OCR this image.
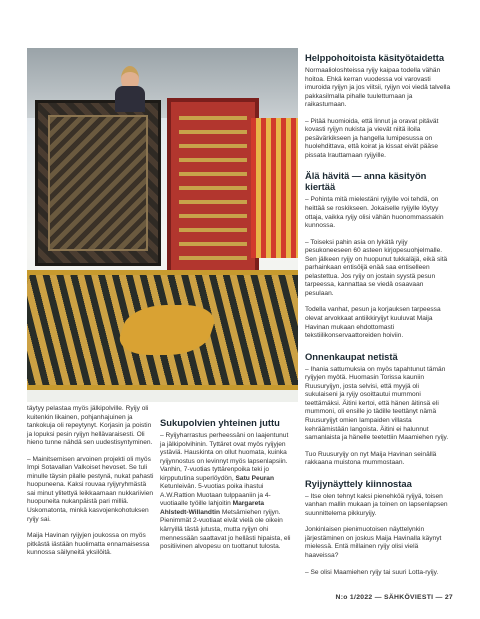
täytyy pelastaa myös jälkipolville. Ryijy oli kuitenkin likainen, pohjanhajuinen ja tankokuja oli repeytynyt. Korjasin ja poistin ja lopuksi pesin ryijyn hellävaraisesti. Oli hieno tunne nähdä sen uudestisyntyminen.

– Mainitsemisen arvoinen projekti oli myös Impi Sotavallan Valkoiset hevoset. Se tuli minulle täysin pilalle pestynä, nukat pahasti huopuneena. Kaksi rouvaa ryijyryhmästä sai minut ylitettyä leikkaamaan nukkariivien huopuneita nukanpäistä pari milliä. Uskomatonta, minkä kasvojenkohotuksen ryijy sai.

Maija Havinan ryijyjen joukossa on myös pitkästä iästään huolimatta ennamaisessa kunnossa säilyneitä yksilöitä.

Sukupolvien yhteinen juttu

– Ryijyharrastus perheessäni on laajentunut ja jälkipolvihinin. Tyttäret ovat myös ryijyjen ystäviä. Hauskinta on ollut huomata, kuinka ryijynnostus on levinnyt myös lapsenlapsiin. Vanhin, 7-vuotias tyttärenpoika teki jo kirppututina superlöydön, Satu Peuran Ketunleivän. 5-vuotias poika ihastui A.W.Rattion Muotaan tulppaaniin ja 4-vuotiaalle työille lahjoitin Margareta Ahlstedt-Willandtin Metsämiehen ryijyn. Pienimmät 2-vuotiaat eivät vielä ole oikein kärryillä tästä jutusta, mutta ryijyn ohi mennessään saattavat jo hellästi hipaista, eli positiivinen alvopesu on tuottanut tulosta.

Helppohoitoista käsityötaidetta

Normaalioloshteissa ryijy kaipaa todella vähän hoitoa. Ehkä kerran vuodessa voi varovasti imuroida ryijyn ja jos viitsii, ryijyn voi viedä talvella pakkasilmalla pihalle tuulettumaan ja raikastumaan.

– Pitää huomioida, että linnut ja oravat pitävät kovasti ryijyn nukista ja vievät niitä iloila pesävärkikseen ja hangella lumipesussa on huolehdittava, että koirat ja kissat eivät pääse pissata lrauttamaan ryijyille.

Älä hävitä — anna käsityön kiertää

– Pohinta mitä mielestäni ryijylle voi tehdä, on heittää se roskikseen. Jokaiselle ryijylle löytyy ottaja, vaikka ryijy olisi vähän huonommassakin kunnossa.

– Toiseksi pahin asia on lykätä ryijy pesukoneeseen 60 asteen kirjopesuohjelmalle. Sen jälkeen ryijy on huopunut tukkaläjä, eikä sitä parhainkaan entisöijä enää saa entiselleen pelastettua. Jos ryijy on jostain syystä pesun tarpeessa, kannattaa se viedä osaavaan pesulaan.

Todella vanhat, pesun ja korjauksen tarpeessa olevat arvokkaat antiikkiryijyt kuuluvat Maija Havinan mukaan ehdottomasti tekstiilikonservaattoreiden hoiviin.

Onnenkaupat netistä

– Ihania sattumuksia on myös tapahtunut tämän ryijyjen myötä. Huomasin Torissa kauniin Ruusuryijyn, josta selvisi, että myyjä oli sukulaiseni ja ryijy osoittautui mummoni teettämäksi. Äitini kertoi, että hänen äitinsä eli mummoni, oli ensille jo tädille teettänyt nämä Ruusuryijyt omien lampaiden villasta kehräämistään langoista. Äitini ei halunnut samanlaista ja hänelle teetettiin Maamiehen ryijy.

Tuo Ruusuryijy on nyt Maija Havinan seinällä rakkaana muistona mummostaan.

Ryijynäyttely kiinnostaa

– Itse olen tehnyt kaksi pienehköä ryijyä, toisen vanhan mallin mukaan ja toinen on lapsenlapsen suunnittelema pikkuryijy.

Jonkinlaisen pienimuotoisen näyttelynkin järjestäminen on joskus Maija Havinalla käynyt mielessä. Entä millainen ryijy olisi vielä haaveissa?

– Se olisi Maamiehen ryijy tai suuri Lotta-ryijy.

N:o 1/2022 — SÄHKÖVIESTI — 27
